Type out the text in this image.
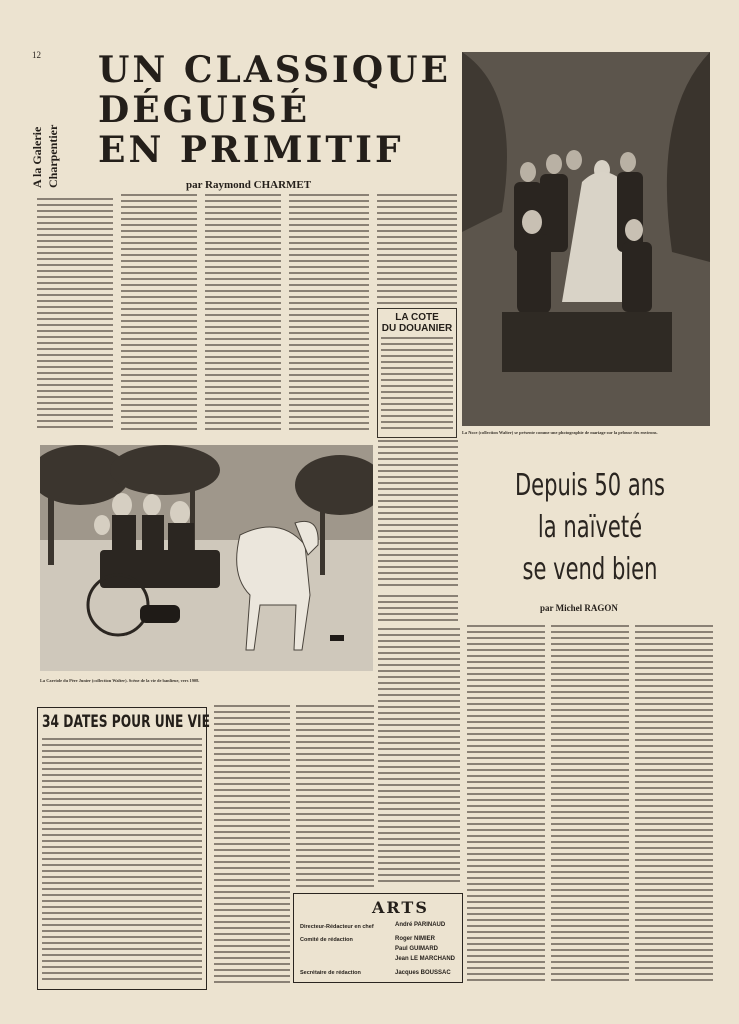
12
A la Galerie Charpentier
UN CLASSIQUE
DÉGUISÉ
EN PRIMITIF
par Raymond CHARMET
LA COTE
DU DOUANIER
La Noce (collection Walter) se présente comme une photographie de mariage sur la pelouse des environs.
La Carriole du Père Junier (collection Walter). Scène de la vie de banlieue, vers 1908.
Depuis 50 ans
la naïveté
se vend bien
par Michel RAGON
34 DATES POUR UNE VIE
ARTS
Directeur-Rédacteur en chef
Comité de rédaction
Secrétaire de rédaction
André PARINAUD
Roger NIMIER
Paul GUIMARD
Jean LE MARCHAND
Jacques BOUSSAC
